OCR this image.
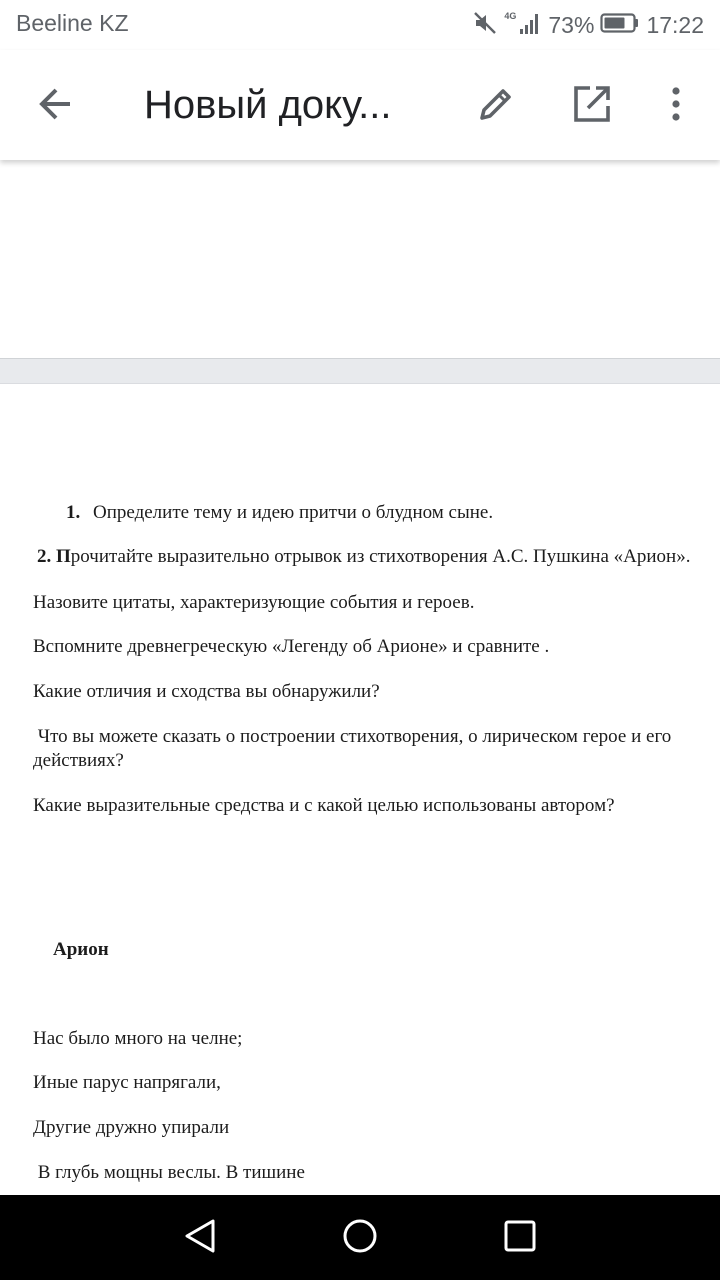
Beeline KZ	4G 73% 17:22
Новый доку...
1. Определите тему и идею притчи о блудном сыне.
2. Прочитайте выразительно отрывок из стихотворения А.С. Пушкина «Арион».
Назовите цитаты, характеризующие события и героев.
Вспомните древнегреческую «Легенду об Арионе» и сравните .
Какие отличия и сходства вы обнаружили?
Что вы можете сказать о построении стихотворения, о лирическом герое и его
действиях?
Какие выразительные средства и с какой целью использованы автором?
Арион
Нас было много на челне;
Иные парус напрягали,
Другие дружно упирали
В глубь мощны веслы. В тишине
